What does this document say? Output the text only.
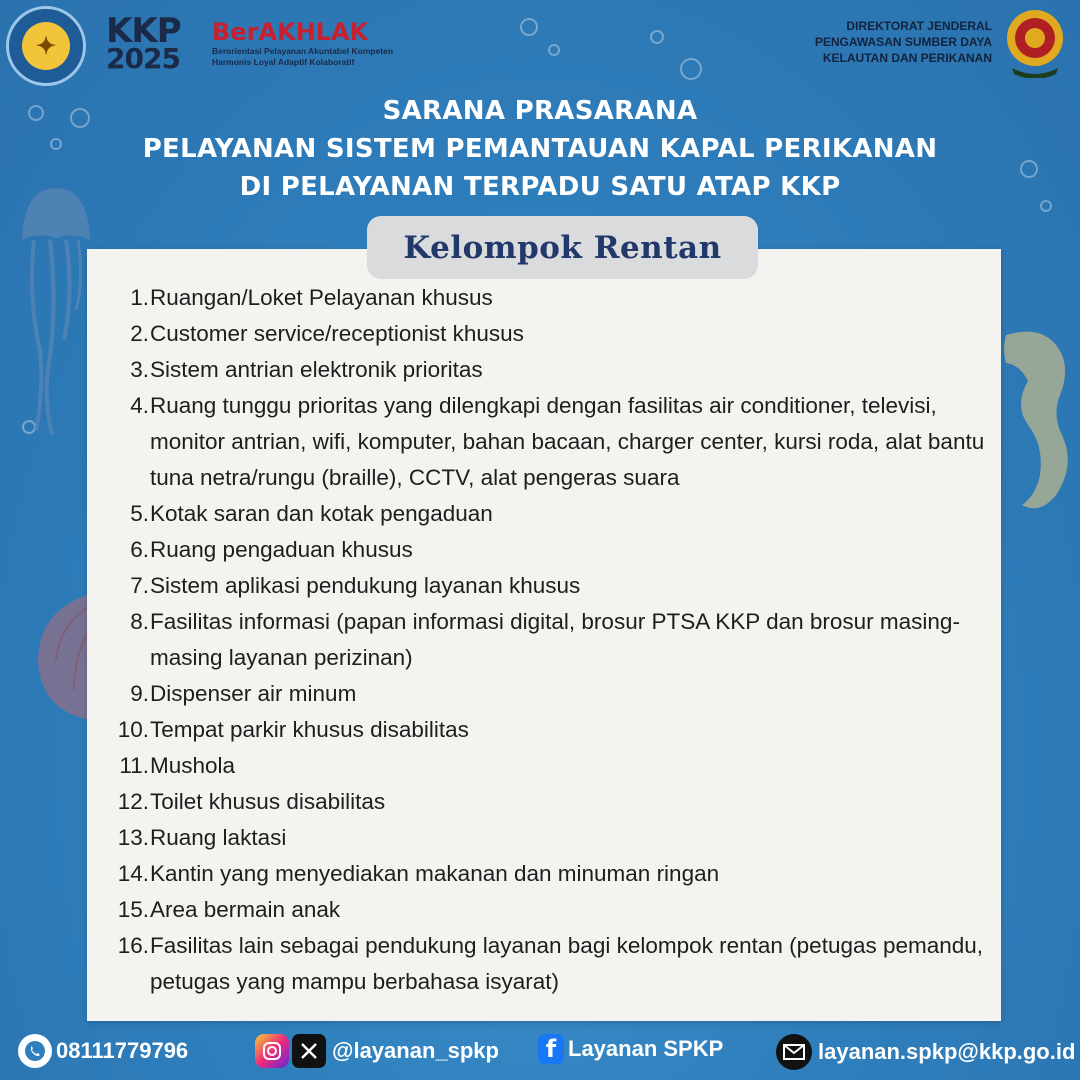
✦	KKP
2025
BerAKHLAK
Berorientasi Pelayanan Akuntabel Kompeten
Harmonis Loyal Adaptif Kolaboratif
DIREKTORAT JENDERAL
PENGAWASAN SUMBER DAYA
KELAUTAN DAN PERIKANAN
SARANA PRASARANA
PELAYANAN SISTEM PEMANTAUAN KAPAL PERIKANAN
DI PELAYANAN TERPADU SATU ATAP KKP
Kelompok Rentan
1. Ruangan/Loket Pelayanan khusus
2. Customer service/receptionist khusus
3. Sistem antrian elektronik prioritas
4. Ruang tunggu prioritas yang dilengkapi dengan fasilitas air conditioner, televisi, monitor antrian, wifi, komputer, bahan bacaan, charger center, kursi roda, alat bantu tuna netra/rungu (braille), CCTV, alat pengeras suara
5. Kotak saran dan kotak pengaduan
6. Ruang pengaduan khusus
7. Sistem aplikasi pendukung layanan khusus
8. Fasilitas informasi (papan informasi digital, brosur PTSA KKP dan brosur masing- masing layanan perizinan)
9. Dispenser air minum
10. Tempat parkir khusus disabilitas
11. Mushola
12. Toilet khusus disabilitas
13. Ruang laktasi
14. Kantin yang menyediakan makanan dan minuman ringan
15. Area bermain anak
16. Fasilitas lain sebagai pendukung layanan bagi kelompok rentan (petugas pemandu, petugas yang mampu berbahasa isyarat)
08111779796	@layanan_spkp f Layanan SPKP	layanan.spkp@kkp.go.id
